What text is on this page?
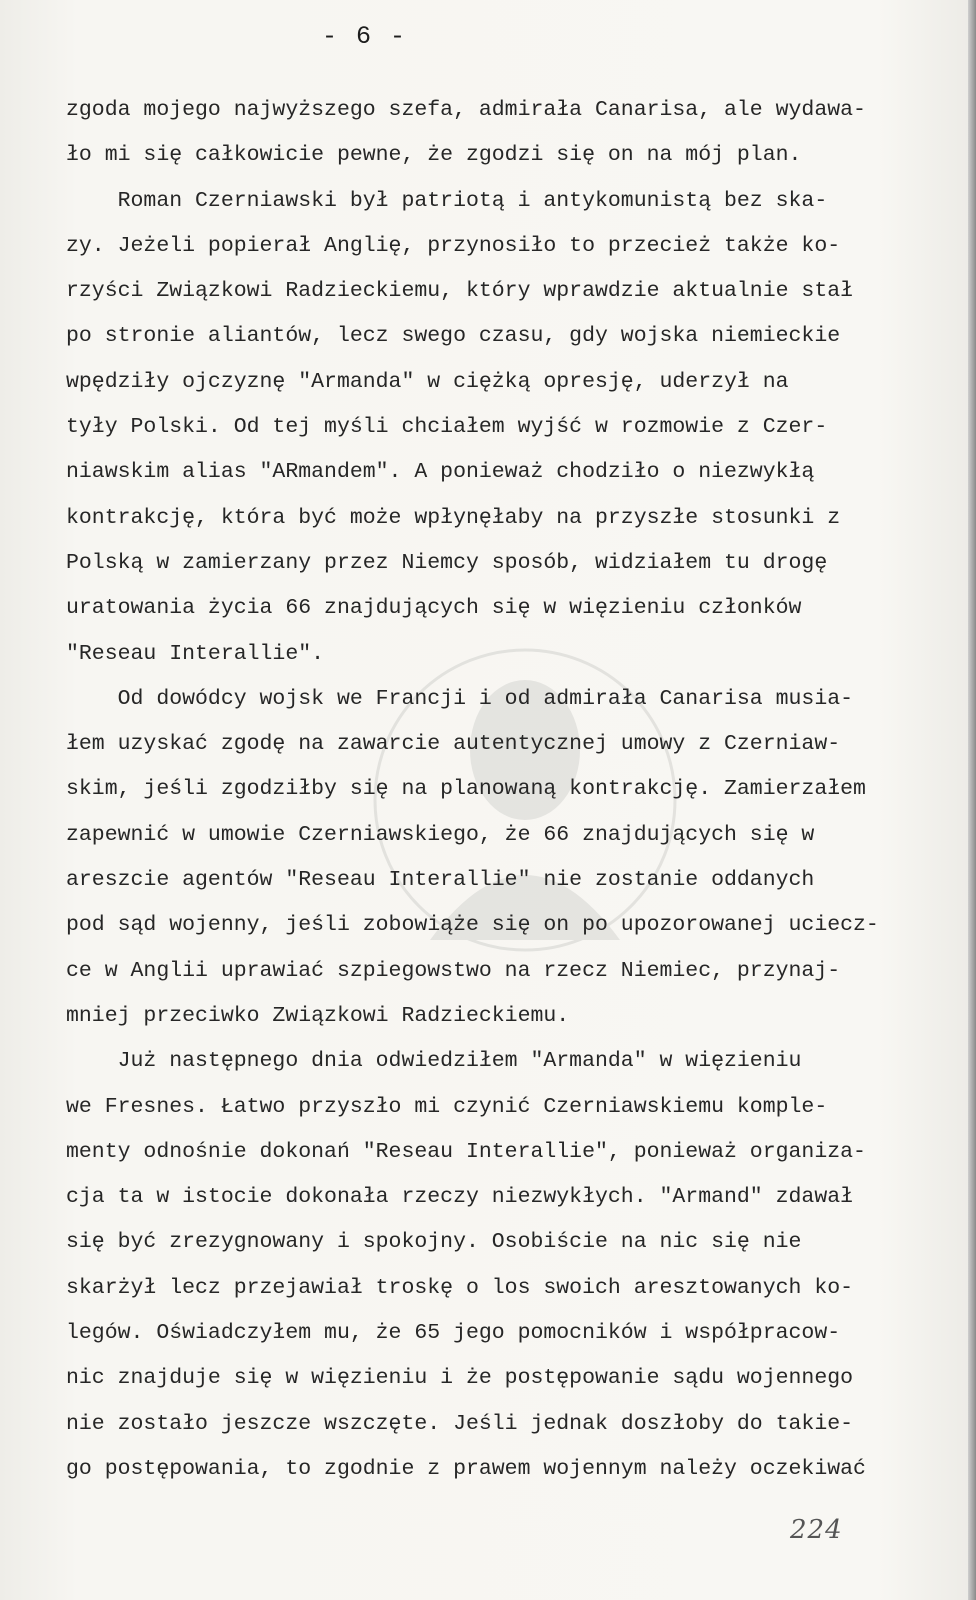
- 6 -
zgoda mojego najwyższego szefa, admirała Canarisa, ale wydawa-
ło mi się całkowicie pewne, że zgodzi się on na mój plan.
Roman Czerniawski był patriotą i antykomunistą bez ska-
zy. Jeżeli popierał Anglię, przynosiło to przecież także ko-
rzyści Związkowi Radzieckiemu, który wprawdzie aktualnie stał
po stronie aliantów, lecz swego czasu, gdy wojska niemieckie
wpędziły ojczyznę "Armanda" w ciężką opresję, uderzył na
tyły Polski. Od tej myśli chciałem wyjść w rozmowie z Czer-
niawskim alias "ARmandem". A ponieważ chodziło o niezwykłą
kontrakcję, która być może wpłynęłaby na przyszłe stosunki z
Polską w zamierzany przez Niemcy sposób, widziałem tu drogę
uratowania życia 66 znajdujących się w więzieniu członków
"Reseau Interallie".
Od dowódcy wojsk we Francji i od admirała Canarisa musia-
łem uzyskać zgodę na zawarcie autentycznej umowy z Czerniaw-
skim, jeśli zgodziłby się na planowaną kontrakcję. Zamierzałem
zapewnić w umowie Czerniawskiego, że 66 znajdujących się w
areszcie agentów "Reseau Interallie" nie zostanie oddanych
pod sąd wojenny, jeśli zobowiąże się on po upozorowanej uciecz-
ce w Anglii uprawiać szpiegowstwo na rzecz Niemiec, przynaj-
mniej przeciwko Związkowi Radzieckiemu.
Już następnego dnia odwiedziłem "Armanda" w więzieniu
we Fresnes. Łatwo przyszło mi czynić Czerniawskiemu komple-
menty odnośnie dokonań "Reseau Interallie", ponieważ organiza-
cja ta w istocie dokonała rzeczy niezwykłych. "Armand" zdawał
się być zrezygnowany i spokojny. Osobiście na nic się nie
skarżył lecz przejawiał troskę o los swoich aresztowanych ko-
legów. Oświadczyłem mu, że 65 jego pomocników i współpracow-
nic znajduje się w więzieniu i że postępowanie sądu wojennego
nie zostało jeszcze wszczęte. Jeśli jednak doszłoby do takie-
go postępowania, to zgodnie z prawem wojennym należy oczekiwać
224
